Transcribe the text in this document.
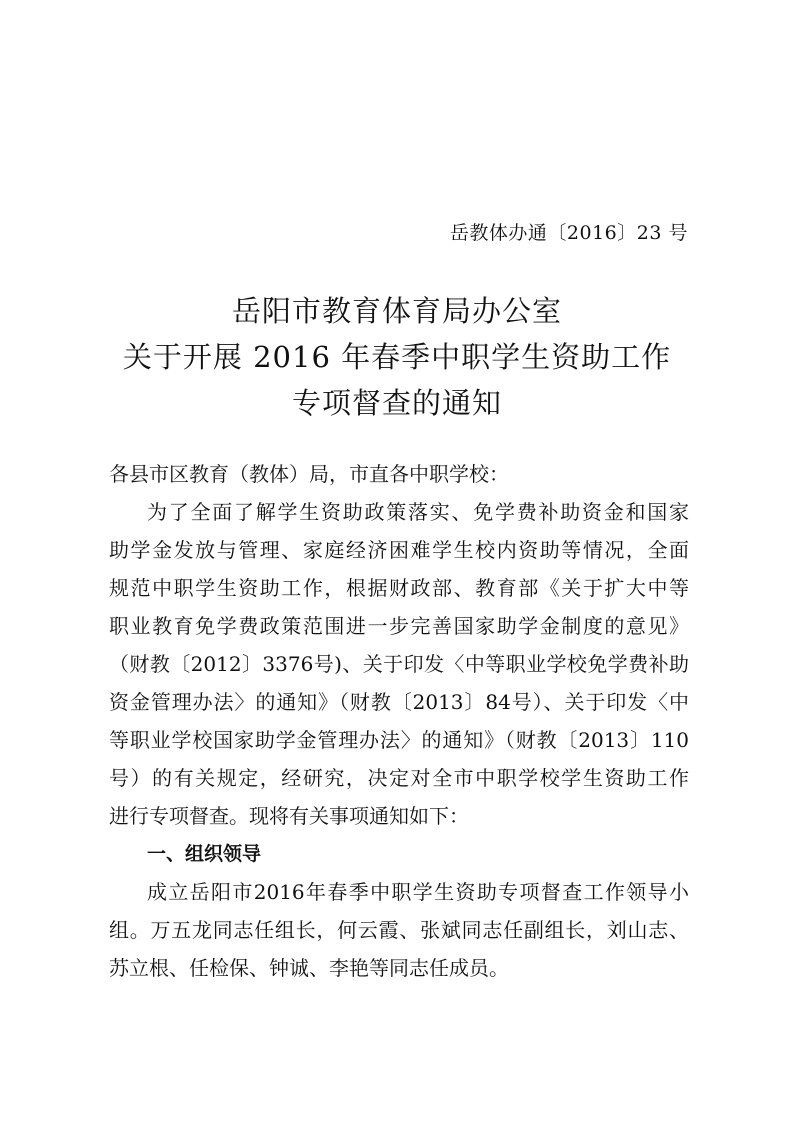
岳教体办通〔2016〕23 号
岳阳市教育体育局办公室
关于开展 2016 年春季中职学生资助工作
专项督查的通知
各县市区教育（教体）局，市直各中职学校：
为了全面了解学生资助政策落实、免学费补助资金和国家
助学金发放与管理、家庭经济困难学生校内资助等情况，全面
规范中职学生资助工作，根据财政部、教育部《关于扩大中等
职业教育免学费政策范围进一步完善国家助学金制度的意见》
（财教〔2012〕3376号)、关于印发〈中等职业学校免学费补助
资金管理办法〉的通知》（财教〔2013〕84号）、关于印发〈中
等职业学校国家助学金管理办法〉的通知》（财教〔2013〕110
号）的有关规定，经研究，决定对全市中职学校学生资助工作
进行专项督查。现将有关事项通知如下：
一、组织领导
成立岳阳市2016年春季中职学生资助专项督查工作领导小
组。万五龙同志任组长，何云霞、张斌同志任副组长，刘山志、
苏立根、任检保、钟诚、李艳等同志任成员。
